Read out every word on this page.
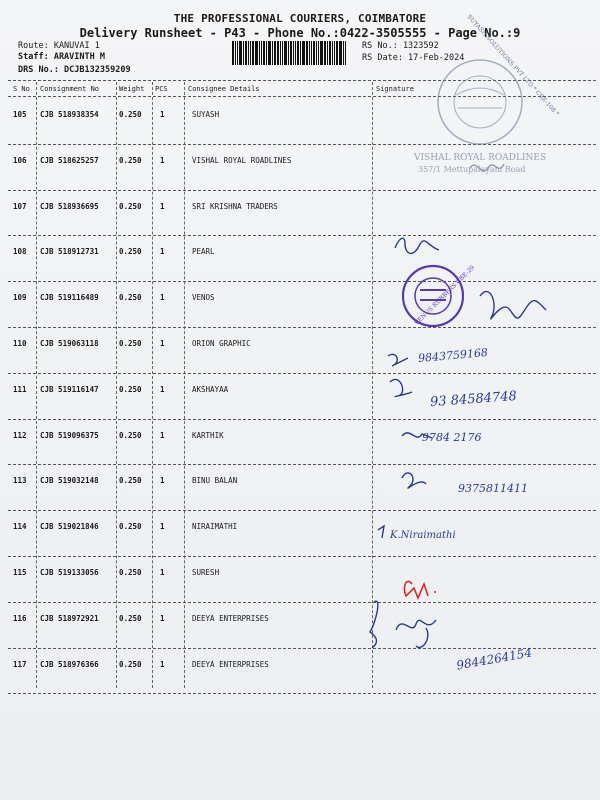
THE PROFESSIONAL COURIERS, COIMBATORE
Delivery Runsheet - P43 - Phone No.:0422-3505555 - Page No.:9
Route: KANUVAI 1
Staff: ARAVINTH M
DRS No.: DCJB132359209
RS No.: 1323592
RS Date: 17-Feb-2024
S No Consignment No	Weight PCS	Consignee Details	Signature
105 CJB 518938354	0.250 1	SUYASH
106 CJB 518625257	0.250 1	VISHAL ROYAL ROADLINES
107 CJB 518936695	0.250 1	SRI KRISHNA TRADERS
108 CJB 518912731	0.250 1	PEARL
109 CJB 519116489	0.250 1	VENOS
110 CJB 519063118	0.250 1	ORION GRAPHIC
111 CJB 519116147	0.250 1	AKSHAYAA
112 CJB 519096375	0.250 1	KARTHIK
113 CJB 519032148	0.250 1	BINU BALAN
114 CJB 519021846	0.250 1	NIRAIMATHI
115 CJB 519133056	0.250 1	SURESH
116 CJB 518972921	0.250 1	DEEYA ENTERPRISES
117 CJB 518976366	0.250 1	DEEYA ENTERPRISES
VISHAL ROYAL ROADLINES
357/1 Mettupalayam Road
SUYASH SOLUTIONS PVT LTD * CBE-108 *
VENUS RUBBERS CBE-29
9843759168
93 84584748
9784 2176
9375811411
K.Niraimathi
9844264154
